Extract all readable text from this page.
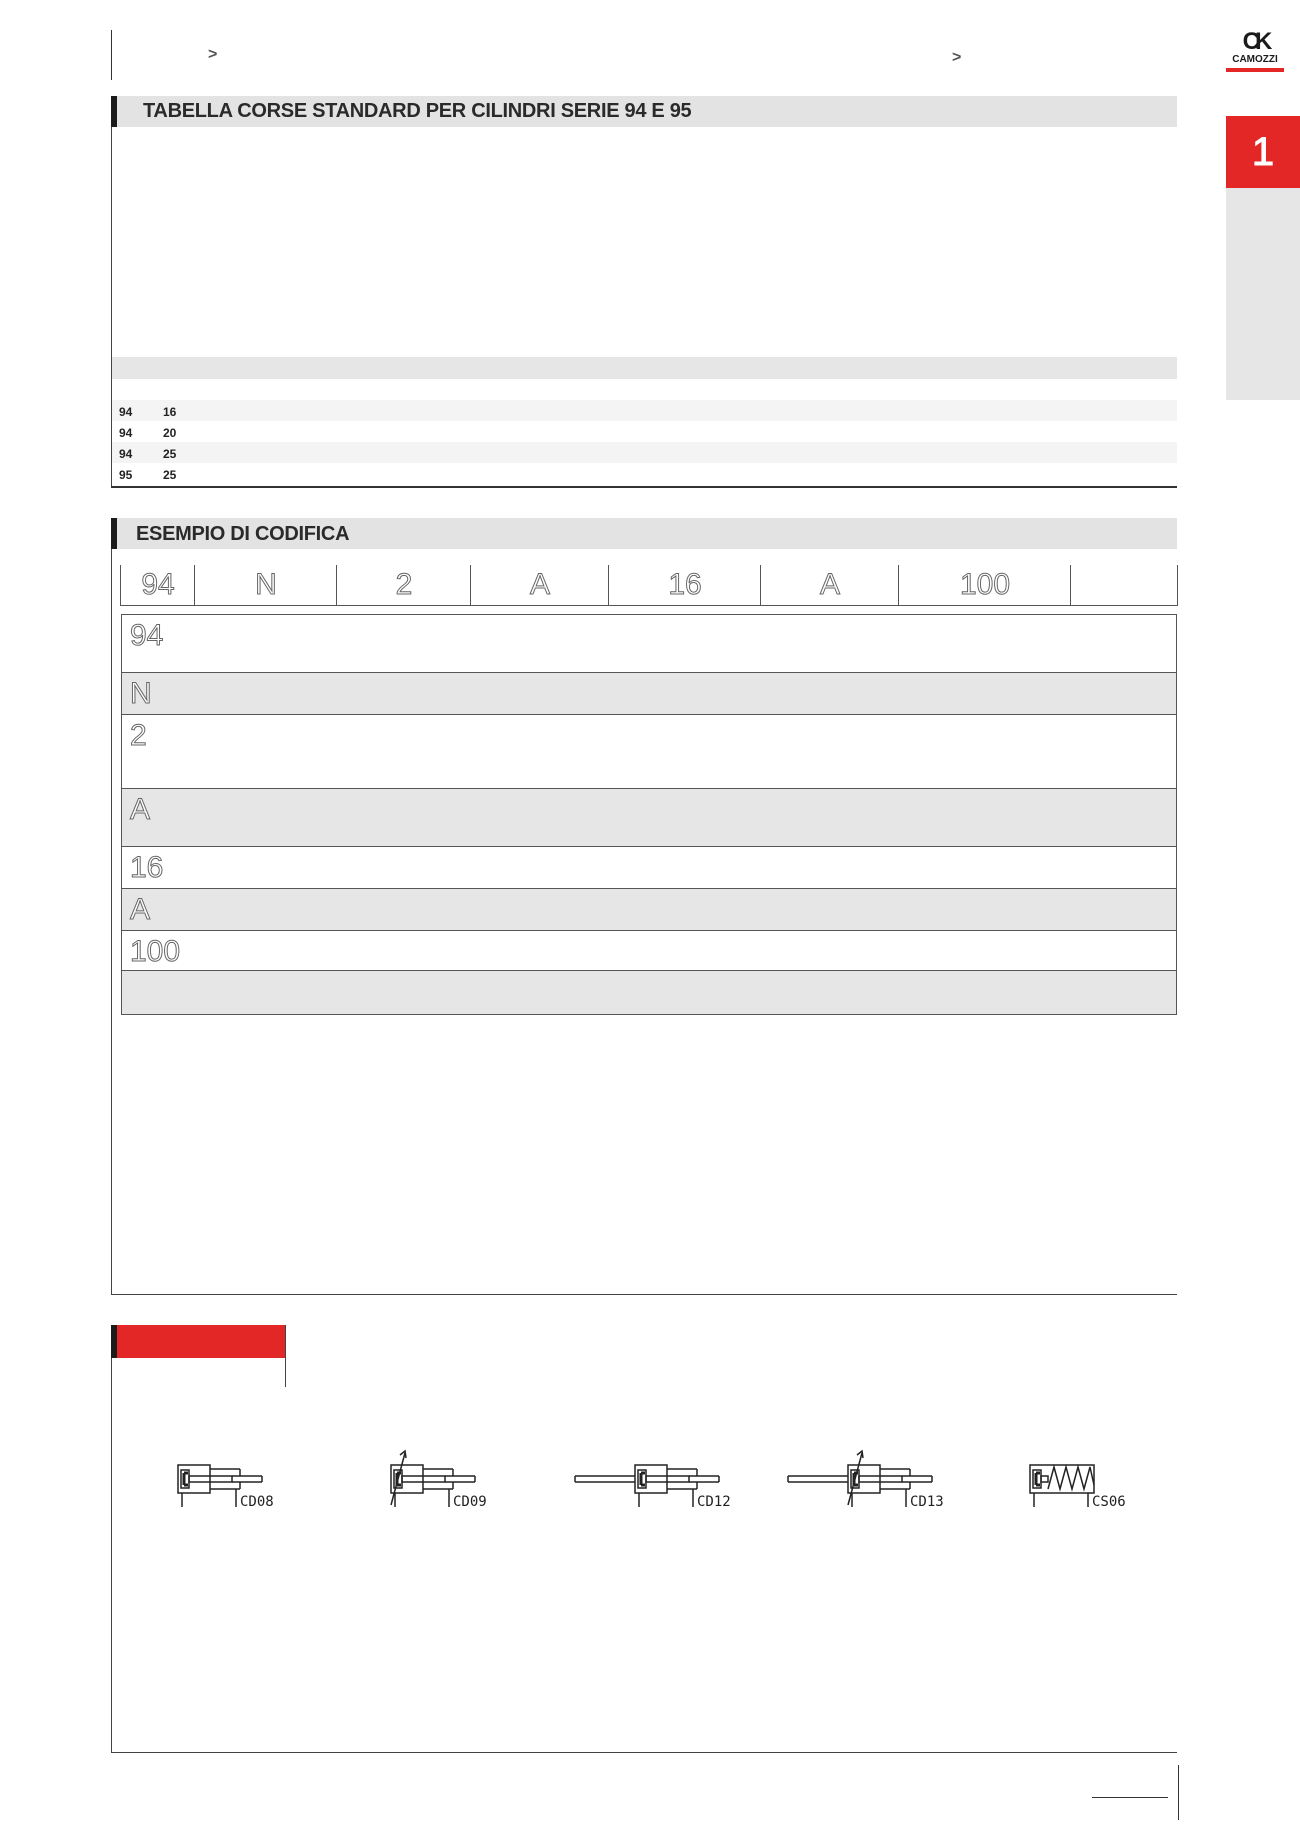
>	>
CK
CAMOZZI
1
TABELLA CORSE STANDARD PER CILINDRI SERIE 94 E 95
94	16
94	20
94	25
95	25
ESEMPIO DI CODIFICA
94	N	2	A	16	A	100
94
N
2
A
16
A
100
CD08	CD09	CD12	CD13	CS06
